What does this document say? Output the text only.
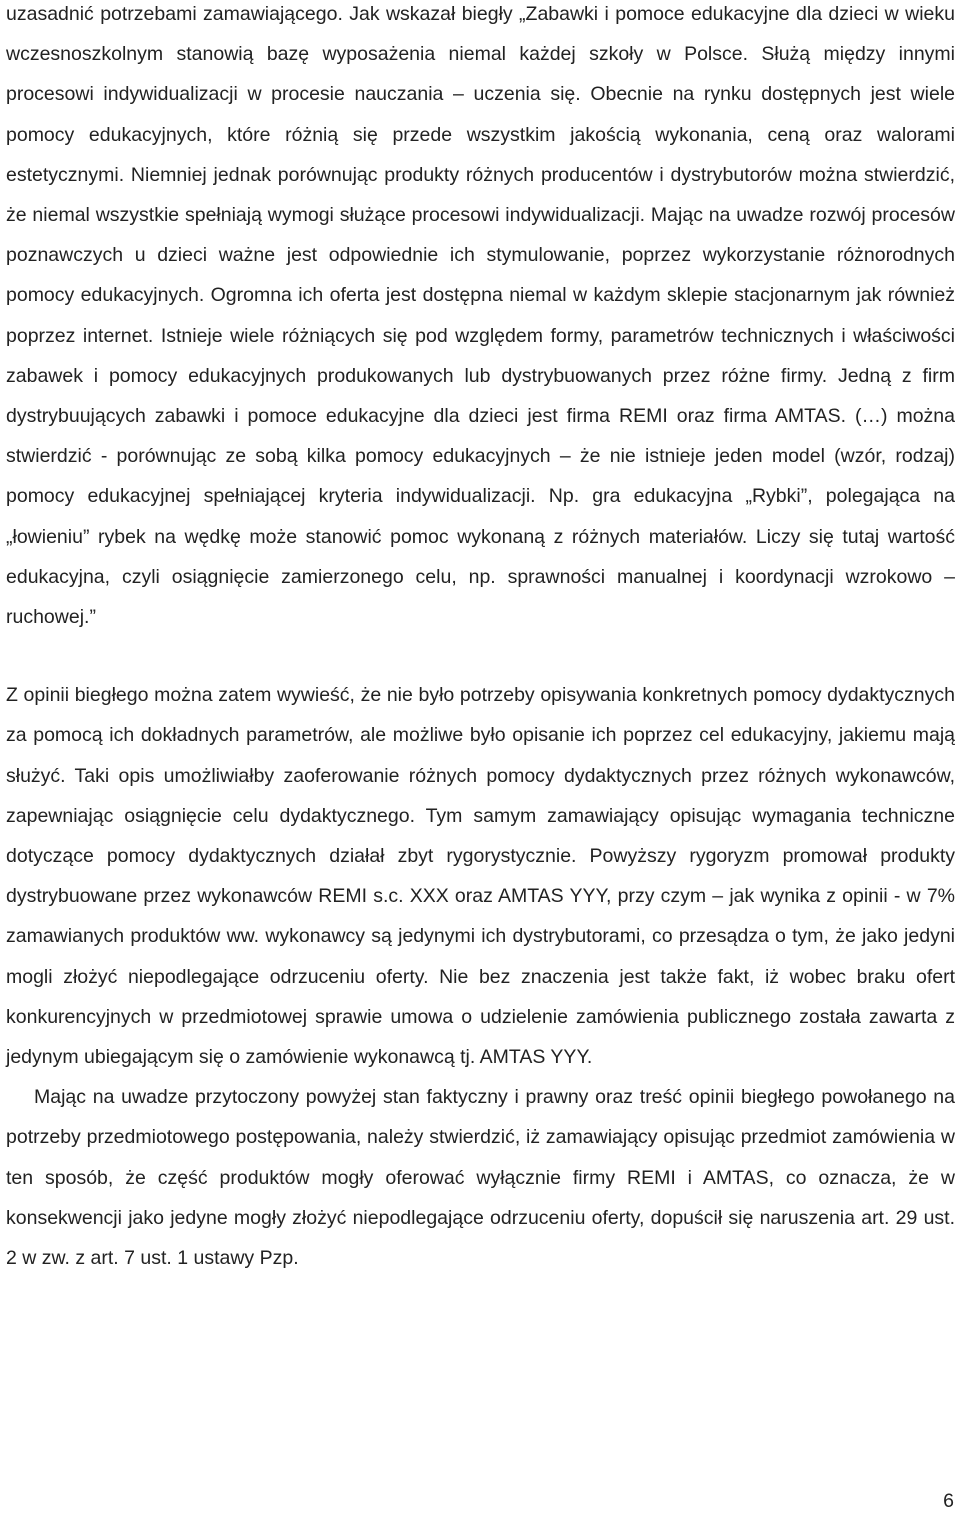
uzasadnić potrzebami zamawiającego. Jak wskazał biegły „Zabawki i pomoce edukacyjne dla dzieci w wieku wczesnoszkolnym stanowią bazę wyposażenia niemal każdej szkoły w Polsce. Służą między innymi procesowi indywidualizacji w procesie nauczania – uczenia się. Obecnie na rynku dostępnych jest wiele pomocy edukacyjnych, które różnią się przede wszystkim jakością wykonania, ceną oraz walorami estetycznymi. Niemniej jednak porównując produkty różnych producentów i dystrybutorów można stwierdzić, że niemal wszystkie spełniają wymogi służące procesowi indywidualizacji. Mając na uwadze rozwój procesów poznawczych u dzieci ważne jest odpowiednie ich stymulowanie, poprzez wykorzystanie różnorodnych pomocy edukacyjnych. Ogromna ich oferta jest dostępna niemal w każdym sklepie stacjonarnym jak również poprzez internet. Istnieje wiele różniących się pod względem formy, parametrów technicznych i właściwości zabawek i pomocy edukacyjnych produkowanych lub dystrybuowanych przez różne firmy. Jedną z firm dystrybuujących zabawki i pomoce edukacyjne dla dzieci jest firma REMI oraz firma AMTAS. (…) można stwierdzić - porównując ze sobą kilka pomocy edukacyjnych – że nie istnieje jeden model (wzór, rodzaj) pomocy edukacyjnej spełniającej kryteria indywidualizacji. Np. gra edukacyjna „Rybki”, polegająca na „łowieniu” rybek na wędkę może stanowić pomoc wykonaną z różnych materiałów. Liczy się tutaj wartość edukacyjna, czyli osiągnięcie zamierzonego celu, np. sprawności manualnej i koordynacji wzrokowo – ruchowej.”

Z opinii biegłego można zatem wywieść, że nie było potrzeby opisywania konkretnych pomocy dydaktycznych za pomocą ich dokładnych parametrów, ale możliwe było opisanie ich poprzez cel edukacyjny, jakiemu mają służyć. Taki opis umożliwiałby zaoferowanie różnych pomocy dydaktycznych przez różnych wykonawców, zapewniając osiągnięcie celu dydaktycznego. Tym samym zamawiający opisując wymagania techniczne dotyczące pomocy dydaktycznych działał zbyt rygorystycznie. Powyższy rygoryzm promował produkty dystrybuowane przez wykonawców REMI s.c. XXX oraz AMTAS YYY, przy czym – jak wynika z opinii - w 7% zamawianych produktów ww. wykonawcy są jedynymi ich dystrybutorami, co przesądza o tym, że jako jedyni mogli złożyć niepodlegające odrzuceniu oferty. Nie bez znaczenia jest także fakt, iż wobec braku ofert konkurencyjnych w przedmiotowej sprawie umowa o udzielenie zamówienia publicznego została zawarta z jedynym ubiegającym się o zamówienie wykonawcą tj. AMTAS YYY.

Mając na uwadze przytoczony powyżej stan faktyczny i prawny oraz treść opinii biegłego powołanego na potrzeby przedmiotowego postępowania, należy stwierdzić, iż zamawiający opisując przedmiot zamówienia w ten sposób, że część produktów mogły oferować wyłącznie firmy REMI i AMTAS, co oznacza, że w konsekwencji jako jedyne mogły złożyć niepodlegające odrzuceniu oferty, dopuścił się naruszenia art. 29 ust. 2 w zw. z art. 7 ust. 1 ustawy Pzp.

6
